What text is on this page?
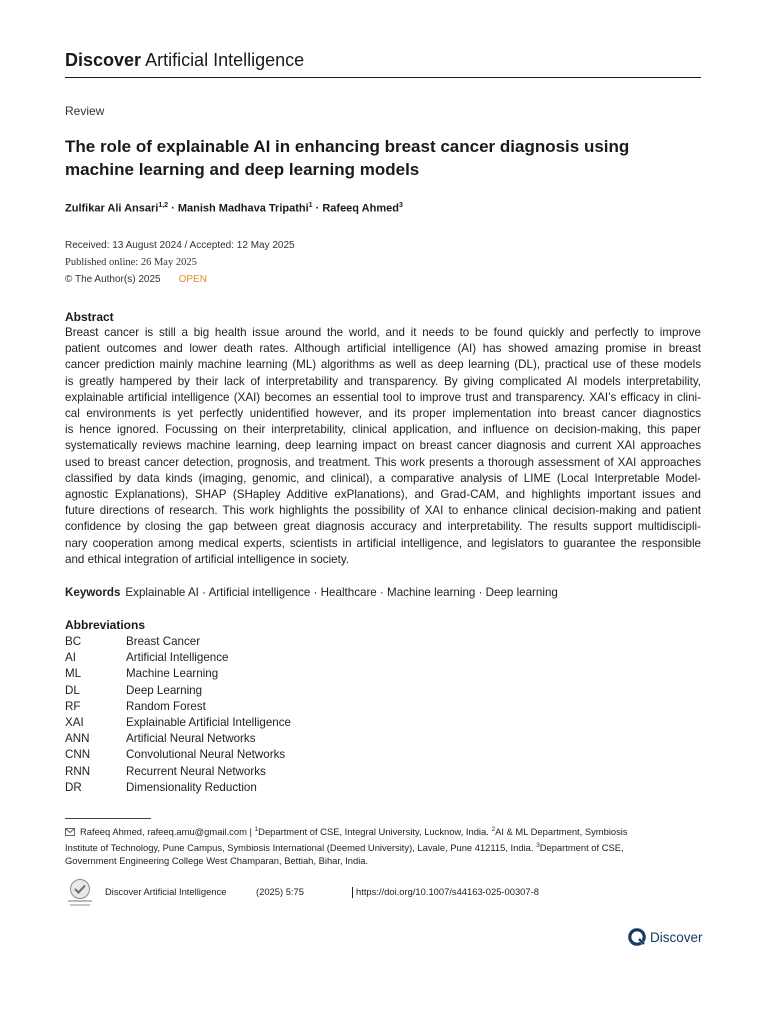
Discover Artificial Intelligence
Review
The role of explainable AI in enhancing breast cancer diagnosis using machine learning and deep learning models
Zulfikar Ali Ansari$^{1,2}$ · Manish Madhava Tripathi$^1$ · Rafeeq Ahmed$^3$
Received: 13 August 2024 / Accepted: 12 May 2025
Published online: 26 May 2025
© The Author(s) 2025 OPEN
Abstract
Breast cancer is still a big health issue around the world, and it needs to be found quickly and perfectly to improve
patient outcomes and lower death rates. Although artificial intelligence (AI) has showed amazing promise in breast
cancer prediction mainly machine learning (ML) algorithms as well as deep learning (DL), practical use of these models
is greatly hampered by their lack of interpretability and transparency. By giving complicated AI models interpretability,
explainable artificial intelligence (XAI) becomes an essential tool to improve trust and transparency. XAI’s efficacy in clini-
cal environments is yet perfectly unidentified however, and its proper implementation into breast cancer diagnostics
is hence ignored. Focussing on their interpretability, clinical application, and influence on decision-making, this paper
systematically reviews machine learning, deep learning impact on breast cancer diagnosis and current XAI approaches
used to breast cancer detection, prognosis, and treatment. This work presents a thorough assessment of XAI approaches
classified by data kinds (imaging, genomic, and clinical), a comparative analysis of LIME (Local Interpretable Model-
agnostic Explanations), SHAP (SHapley Additive exPlanations), and Grad-CAM, and highlights important issues and
future directions of research. This work highlights the possibility of XAI to enhance clinical decision-making and patient
confidence by closing the gap between great diagnosis accuracy and interpretability. The results support multidiscipli-
nary cooperation among medical experts, scientists in artificial intelligence, and legislators to guarantee the responsible
and ethical integration of artificial intelligence in society.
Keywords Explainable AI · Artificial intelligence · Healthcare · Machine learning · Deep learning
Abbreviations
BC	Breast Cancer
AI	Artificial Intelligence
ML	Machine Learning
DL	Deep Learning
RF	Random Forest
XAI	Explainable Artificial Intelligence
ANN	Artificial Neural Networks
CNN	Convolutional Neural Networks
RNN	Recurrent Neural Networks
DR	Dimensionality Reduction
Rafeeq Ahmed, rafeeq.amu@gmail.com | $^1$Department of CSE, Integral University, Lucknow, India. $^2$AI & ML Department, Symbiosis
Institute of Technology, Pune Campus, Symbiosis International (Deemed University), Lavale, Pune 412115, India. $^3$Department of CSE,
Government Engineering College West Champaran, Bettiah, Bihar, India.
Discover Artificial Intelligence	(2025) 5:75	https://doi.org/10.1007/s44163-025-00307-8
Discover
